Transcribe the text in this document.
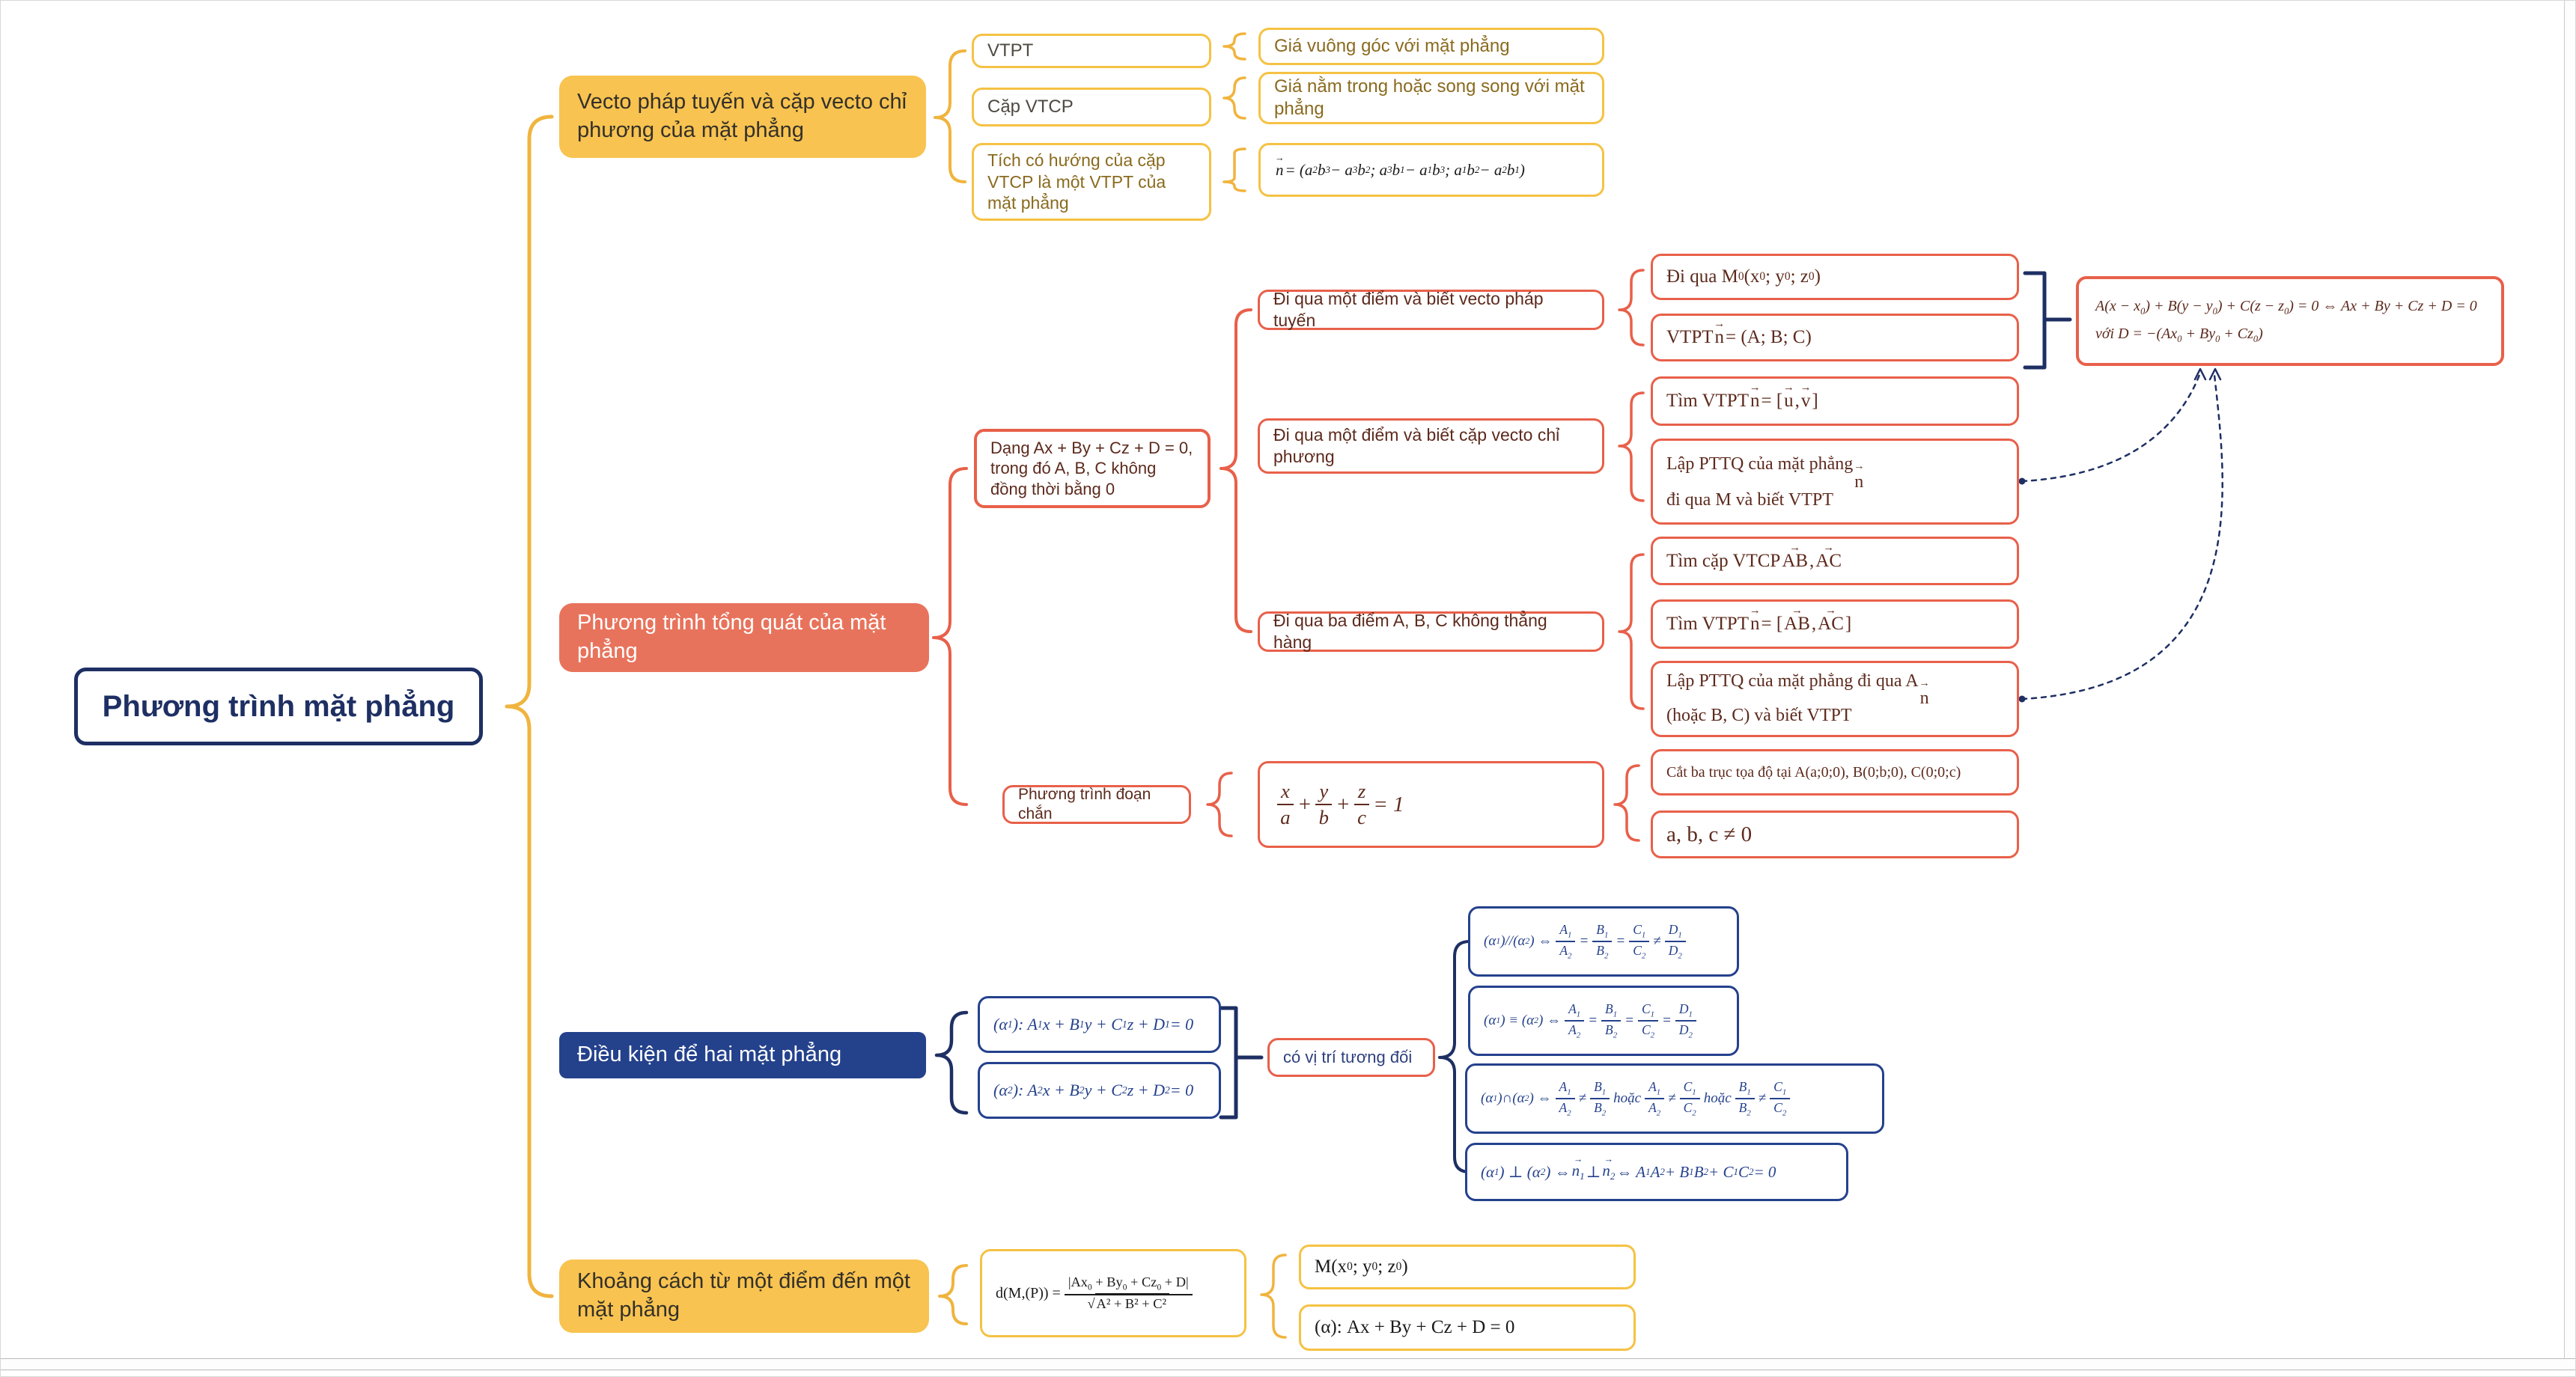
Phương trình mặt phẳng
Vecto pháp tuyến và cặp vecto chỉ phương của mặt phẳng
VTPT
Cặp VTCP
Tích có hướng của cặp VTCP là một VTPT của mặt phẳng
Giá vuông góc với mặt phẳng
Giá nằm trong hoặc song song với mặt phẳng
n → = (a 2 b 3 − a 3 b 2 ; a 3 b 1 − a 1 b 3 ; a 1 b 2 − a 2 b 1 )
Phương trình tổng quát của mặt phẳng
Dạng Ax + By + Cz + D = 0, trong đó A, B, C không đồng thời bằng 0
Đi qua một điểm và biết vecto pháp tuyến
Đi qua một điểm và biết cặp vecto chỉ phương
Đi qua ba điểm A, B, C không thẳng hàng
Phương trình đoạn chắn
Đi qua M 0 (x 0 ; y 0 ; z 0 )
VTPT n → = (A; B; C)
Tìm VTPT n → = [ u → , v → ]
Lập PTTQ của mặt phẳng
đi qua M và biết VTPT
n →
Tìm cặp VTCP AB → , AC →
Tìm VTPT n → = [ AB → , AC → ]
Lập PTTQ của mặt phẳng đi qua A
(hoặc B, C) và biết VTPT
n →
Cắt ba trục tọa độ tại A(a;0;0), B(0;b;0), C(0;0;c)
a, b, c ≠ 0
$\frac{x}{a} + \frac{y}{b} + \frac{z}{c} = 1$
$A(x - x_0) + B(y - y_0) + C(z - z_0) = 0$ ⇔ Ax + By + Cz + D = 0
với $D = -(Ax_0 + By_0 + Cz_0)$
Điều kiện để hai mặt phẳng
(α 1 ): A 1 x + B 1 y + C 1 z + D 1 = 0
(α 2 ): A 2 x + B 2 y + C 2 z + D 2 = 0
có vị trí tương đối
(α 1 )//(α 2 ) ⇔ $\frac{A_1}{A_2} = \frac{B_1}{B_2} = \frac{C_1}{C_2} \ne \frac{D_1}{D_2}$
(α 1 ) ≡ (α 2 ) ⇔ $\frac{A_1}{A_2} = \frac{B_1}{B_2} = \frac{C_1}{C_2} = \frac{D_1}{D_2}$
(α 1 )∩(α 2 ) ⇔ $\frac{A_1}{A_2} \ne \frac{B_1}{B_2}$ hoặc $\frac{A_1}{A_2} \ne \frac{C_1}{C_2}$ hoặc $\frac{B_1}{B_2} \ne \frac{C_1}{C_2}$
(α 1 ) ⊥ (α 2 ) ⇔ $n_1$ → ⊥ $n_2$ → ⇔ A 1 A 2 + B 1 B 2 + C 1 C 2 = 0
Khoảng cách từ một điểm đến một mặt phẳng
$d(M,(P)) = \frac{|Ax_0 + By_0 + Cz_0 + D|}{\text{√ A² + B² + C²}}$
M(x 0 ; y 0 ; z 0 )
(α): Ax + By + Cz + D = 0
